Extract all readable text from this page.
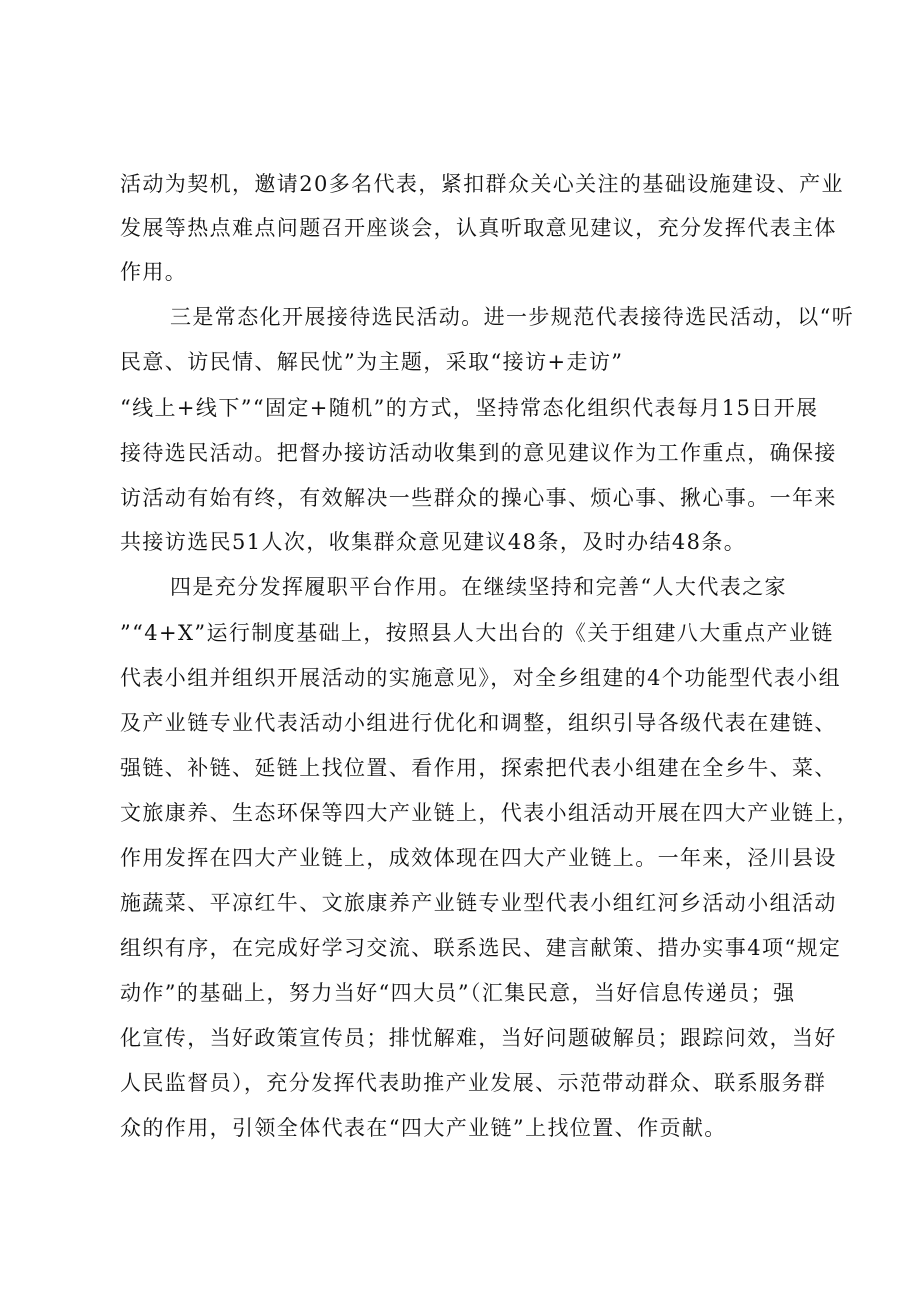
活动为契机，邀请20多名代表，紧扣群众关心关注的基础设施建设、产业
发展等热点难点问题召开座谈会，认真听取意见建议，充分发挥代表主体
作用。
三是常态化开展接待选民活动。进一步规范代表接待选民活动，以“听
民意、访民情、解民忧”为主题，采取“接访+走访”
“线上+线下”“固定+随机”的方式，坚持常态化组织代表每月15日开展
接待选民活动。把督办接访活动收集到的意见建议作为工作重点，确保接
访活动有始有终，有效解决一些群众的操心事、烦心事、揪心事。一年来
共接访选民51人次，收集群众意见建议48条，及时办结48条。
四是充分发挥履职平台作用。在继续坚持和完善“人大代表之家
”“4+X”运行制度基础上，按照县人大出台的《关于组建八大重点产业链
代表小组并组织开展活动的实施意见》，对全乡组建的4个功能型代表小组
及产业链专业代表活动小组进行优化和调整，组织引导各级代表在建链、
强链、补链、延链上找位置、看作用，探索把代表小组建在全乡牛、菜、
文旅康养、生态环保等四大产业链上，代表小组活动开展在四大产业链上，
作用发挥在四大产业链上，成效体现在四大产业链上。一年来，泾川县设
施蔬菜、平凉红牛、文旅康养产业链专业型代表小组红河乡活动小组活动
组织有序，在完成好学习交流、联系选民、建言献策、措办实事4项“规定
动作”的基础上，努力当好“四大员”（汇集民意，当好信息传递员；强
化宣传，当好政策宣传员；排忧解难，当好问题破解员；跟踪问效，当好
人民监督员），充分发挥代表助推产业发展、示范带动群众、联系服务群
众的作用，引领全体代表在“四大产业链”上找位置、作贡献。
